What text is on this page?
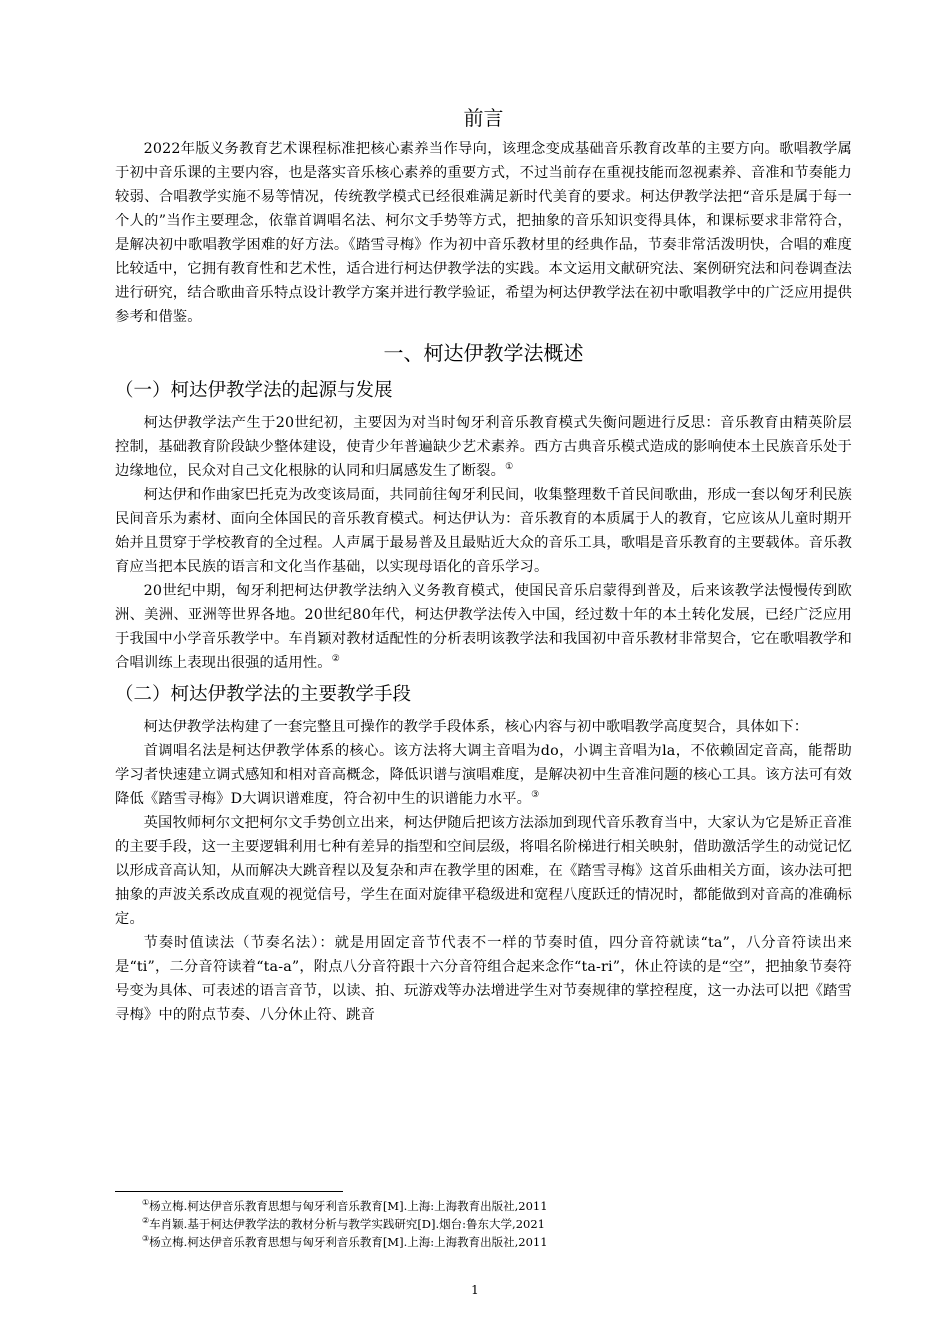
前言

2022年版义务教育艺术课程标准把核心素养当作导向，该理念变成基础音乐教育改革的主要方向。歌唱教学属于初中音乐课的主要内容，也是落实音乐核心素养的重要方式，不过当前存在重视技能而忽视素养、音准和节奏能力较弱、合唱教学实施不易等情况，传统教学模式已经很难满足新时代美育的要求。柯达伊教学法把“音乐是属于每一个人的”当作主要理念，依靠首调唱名法、柯尔文手势等方式，把抽象的音乐知识变得具体，和课标要求非常符合，是解决初中歌唱教学困难的好方法。《踏雪寻梅》作为初中音乐教材里的经典作品，节奏非常活泼明快，合唱的难度比较适中，它拥有教育性和艺术性，适合进行柯达伊教学法的实践。本文运用文献研究法、案例研究法和问卷调查法进行研究，结合歌曲音乐特点设计教学方案并进行教学验证，希望为柯达伊教学法在初中歌唱教学中的广泛应用提供参考和借鉴。

一、柯达伊教学法概述
（一）柯达伊教学法的起源与发展

柯达伊教学法产生于20世纪初，主要因为对当时匈牙利音乐教育模式失衡问题进行反思：音乐教育由精英阶层控制，基础教育阶段缺少整体建设，使青少年普遍缺少艺术素养。西方古典音乐模式造成的影响使本土民族音乐处于边缘地位，民众对自己文化根脉的认同和归属感发生了断裂。①

柯达伊和作曲家巴托克为改变该局面，共同前往匈牙利民间，收集整理数千首民间歌曲，形成一套以匈牙利民族民间音乐为素材、面向全体国民的音乐教育模式。柯达伊认为：音乐教育的本质属于人的教育，它应该从儿童时期开始并且贯穿于学校教育的全过程。人声属于最易普及且最贴近大众的音乐工具，歌唱是音乐教育的主要载体。音乐教育应当把本民族的语言和文化当作基础，以实现母语化的音乐学习。

20世纪中期，匈牙利把柯达伊教学法纳入义务教育模式，使国民音乐启蒙得到普及，后来该教学法慢慢传到欧洲、美洲、亚洲等世界各地。20世纪80年代，柯达伊教学法传入中国，经过数十年的本土转化发展，已经广泛应用于我国中小学音乐教学中。车肖颖对教材适配性的分析表明该教学法和我国初中音乐教材非常契合，它在歌唱教学和合唱训练上表现出很强的适用性。②

（二）柯达伊教学法的主要教学手段

柯达伊教学法构建了一套完整且可操作的教学手段体系，核心内容与初中歌唱教学高度契合，具体如下：

首调唱名法是柯达伊教学体系的核心。该方法将大调主音唱为do，小调主音唱为la，不依赖固定音高，能帮助学习者快速建立调式感知和相对音高概念，降低识谱与演唱难度，是解决初中生音准问题的核心工具。该方法可有效降低《踏雪寻梅》D大调识谱难度，符合初中生的识谱能力水平。③

英国牧师柯尔文把柯尔文手势创立出来，柯达伊随后把该方法添加到现代音乐教育当中，大家认为它是矫正音准的主要手段，这一主要逻辑利用七种有差异的指型和空间层级，将唱名阶梯进行相关映射，借助激活学生的动觉记忆以形成音高认知，从而解决大跳音程以及复杂和声在教学里的困难，在《踏雪寻梅》这首乐曲相关方面，该办法可把抽象的声波关系改成直观的视觉信号，学生在面对旋律平稳级进和宽程八度跃迁的情况时，都能做到对音高的准确标定。

节奏时值读法（节奏名法）：就是用固定音节代表不一样的节奏时值，四分音符就读“ta”，八分音符读出来是“ti”，二分音符读着“ta-a”，附点八分音符跟十六分音符组合起来念作“ta-ri”，休止符读的是“空”，把抽象节奏符号变为具体、可表述的语言音节，以读、拍、玩游戏等办法增进学生对节奏规律的掌控程度，这一办法可以把《踏雪寻梅》中的附点节奏、八分休止符、跳音

①杨立梅.柯达伊音乐教育思想与匈牙利音乐教育[M].上海:上海教育出版社,2011
②车肖颖.基于柯达伊教学法的教材分析与教学实践研究[D].烟台:鲁东大学,2021
③杨立梅.柯达伊音乐教育思想与匈牙利音乐教育[M].上海:上海教育出版社,2011
1
